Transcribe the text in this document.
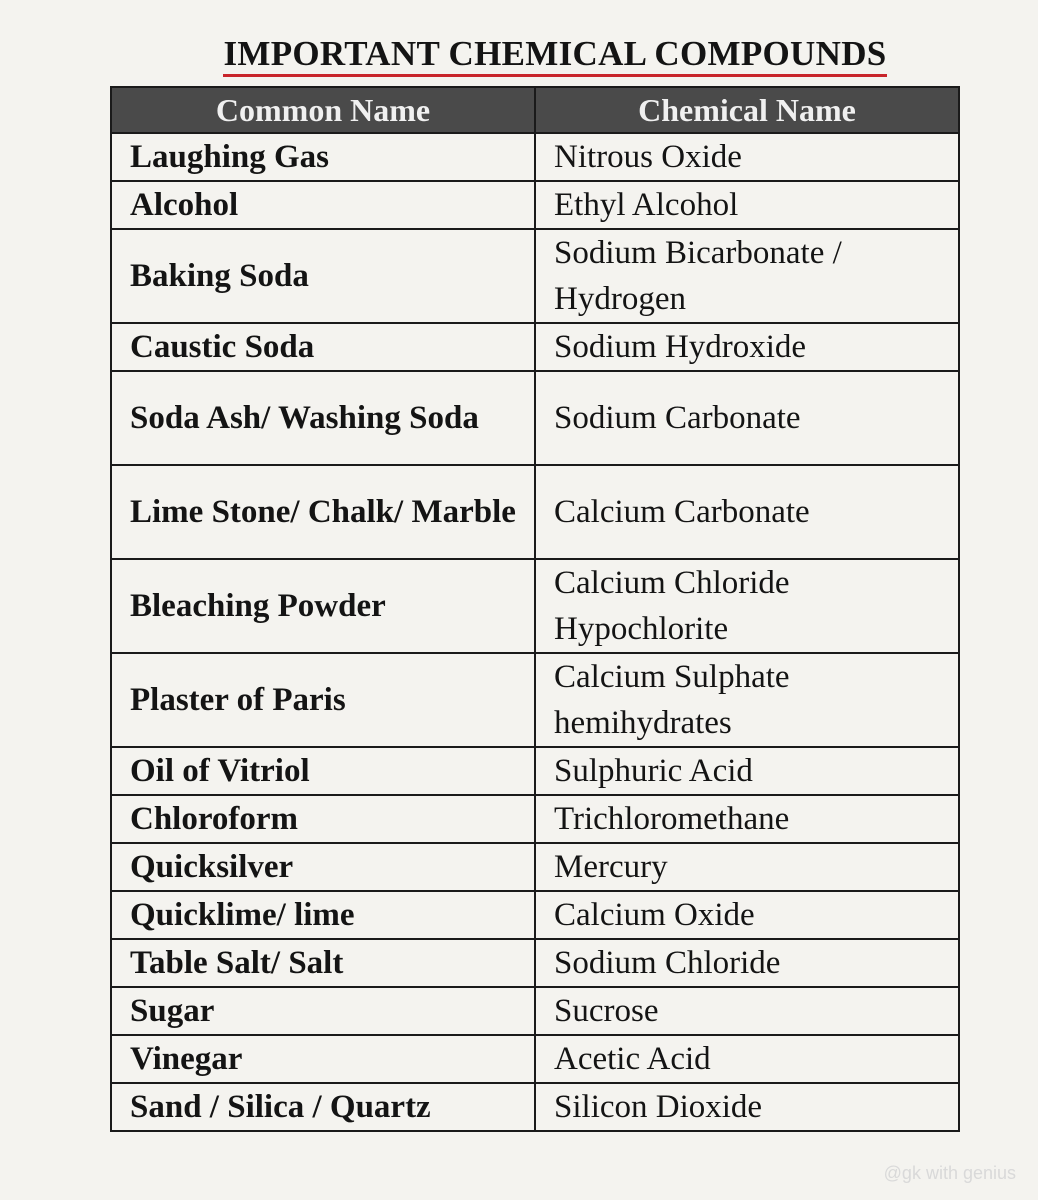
IMPORTANT CHEMICAL COMPOUNDS
Common Name	Chemical Name
Laughing Gas	Nitrous Oxide
Alcohol	Ethyl Alcohol
Baking Soda	Sodium Bicarbonate / Hydrogen
Caustic Soda	Sodium Hydroxide
Soda Ash/ Washing Soda	Sodium Carbonate
Lime Stone/ Chalk/ Marble	Calcium Carbonate
Bleaching Powder	Calcium Chloride Hypochlorite
Plaster of Paris	Calcium Sulphate hemihydrates
Oil of Vitriol	Sulphuric Acid
Chloroform	Trichloromethane
Quicksilver	Mercury
Quicklime/ lime	Calcium Oxide
Table Salt/ Salt	Sodium Chloride
Sugar	Sucrose
Vinegar	Acetic Acid
Sand / Silica / Quartz	Silicon Dioxide
@gk with genius
